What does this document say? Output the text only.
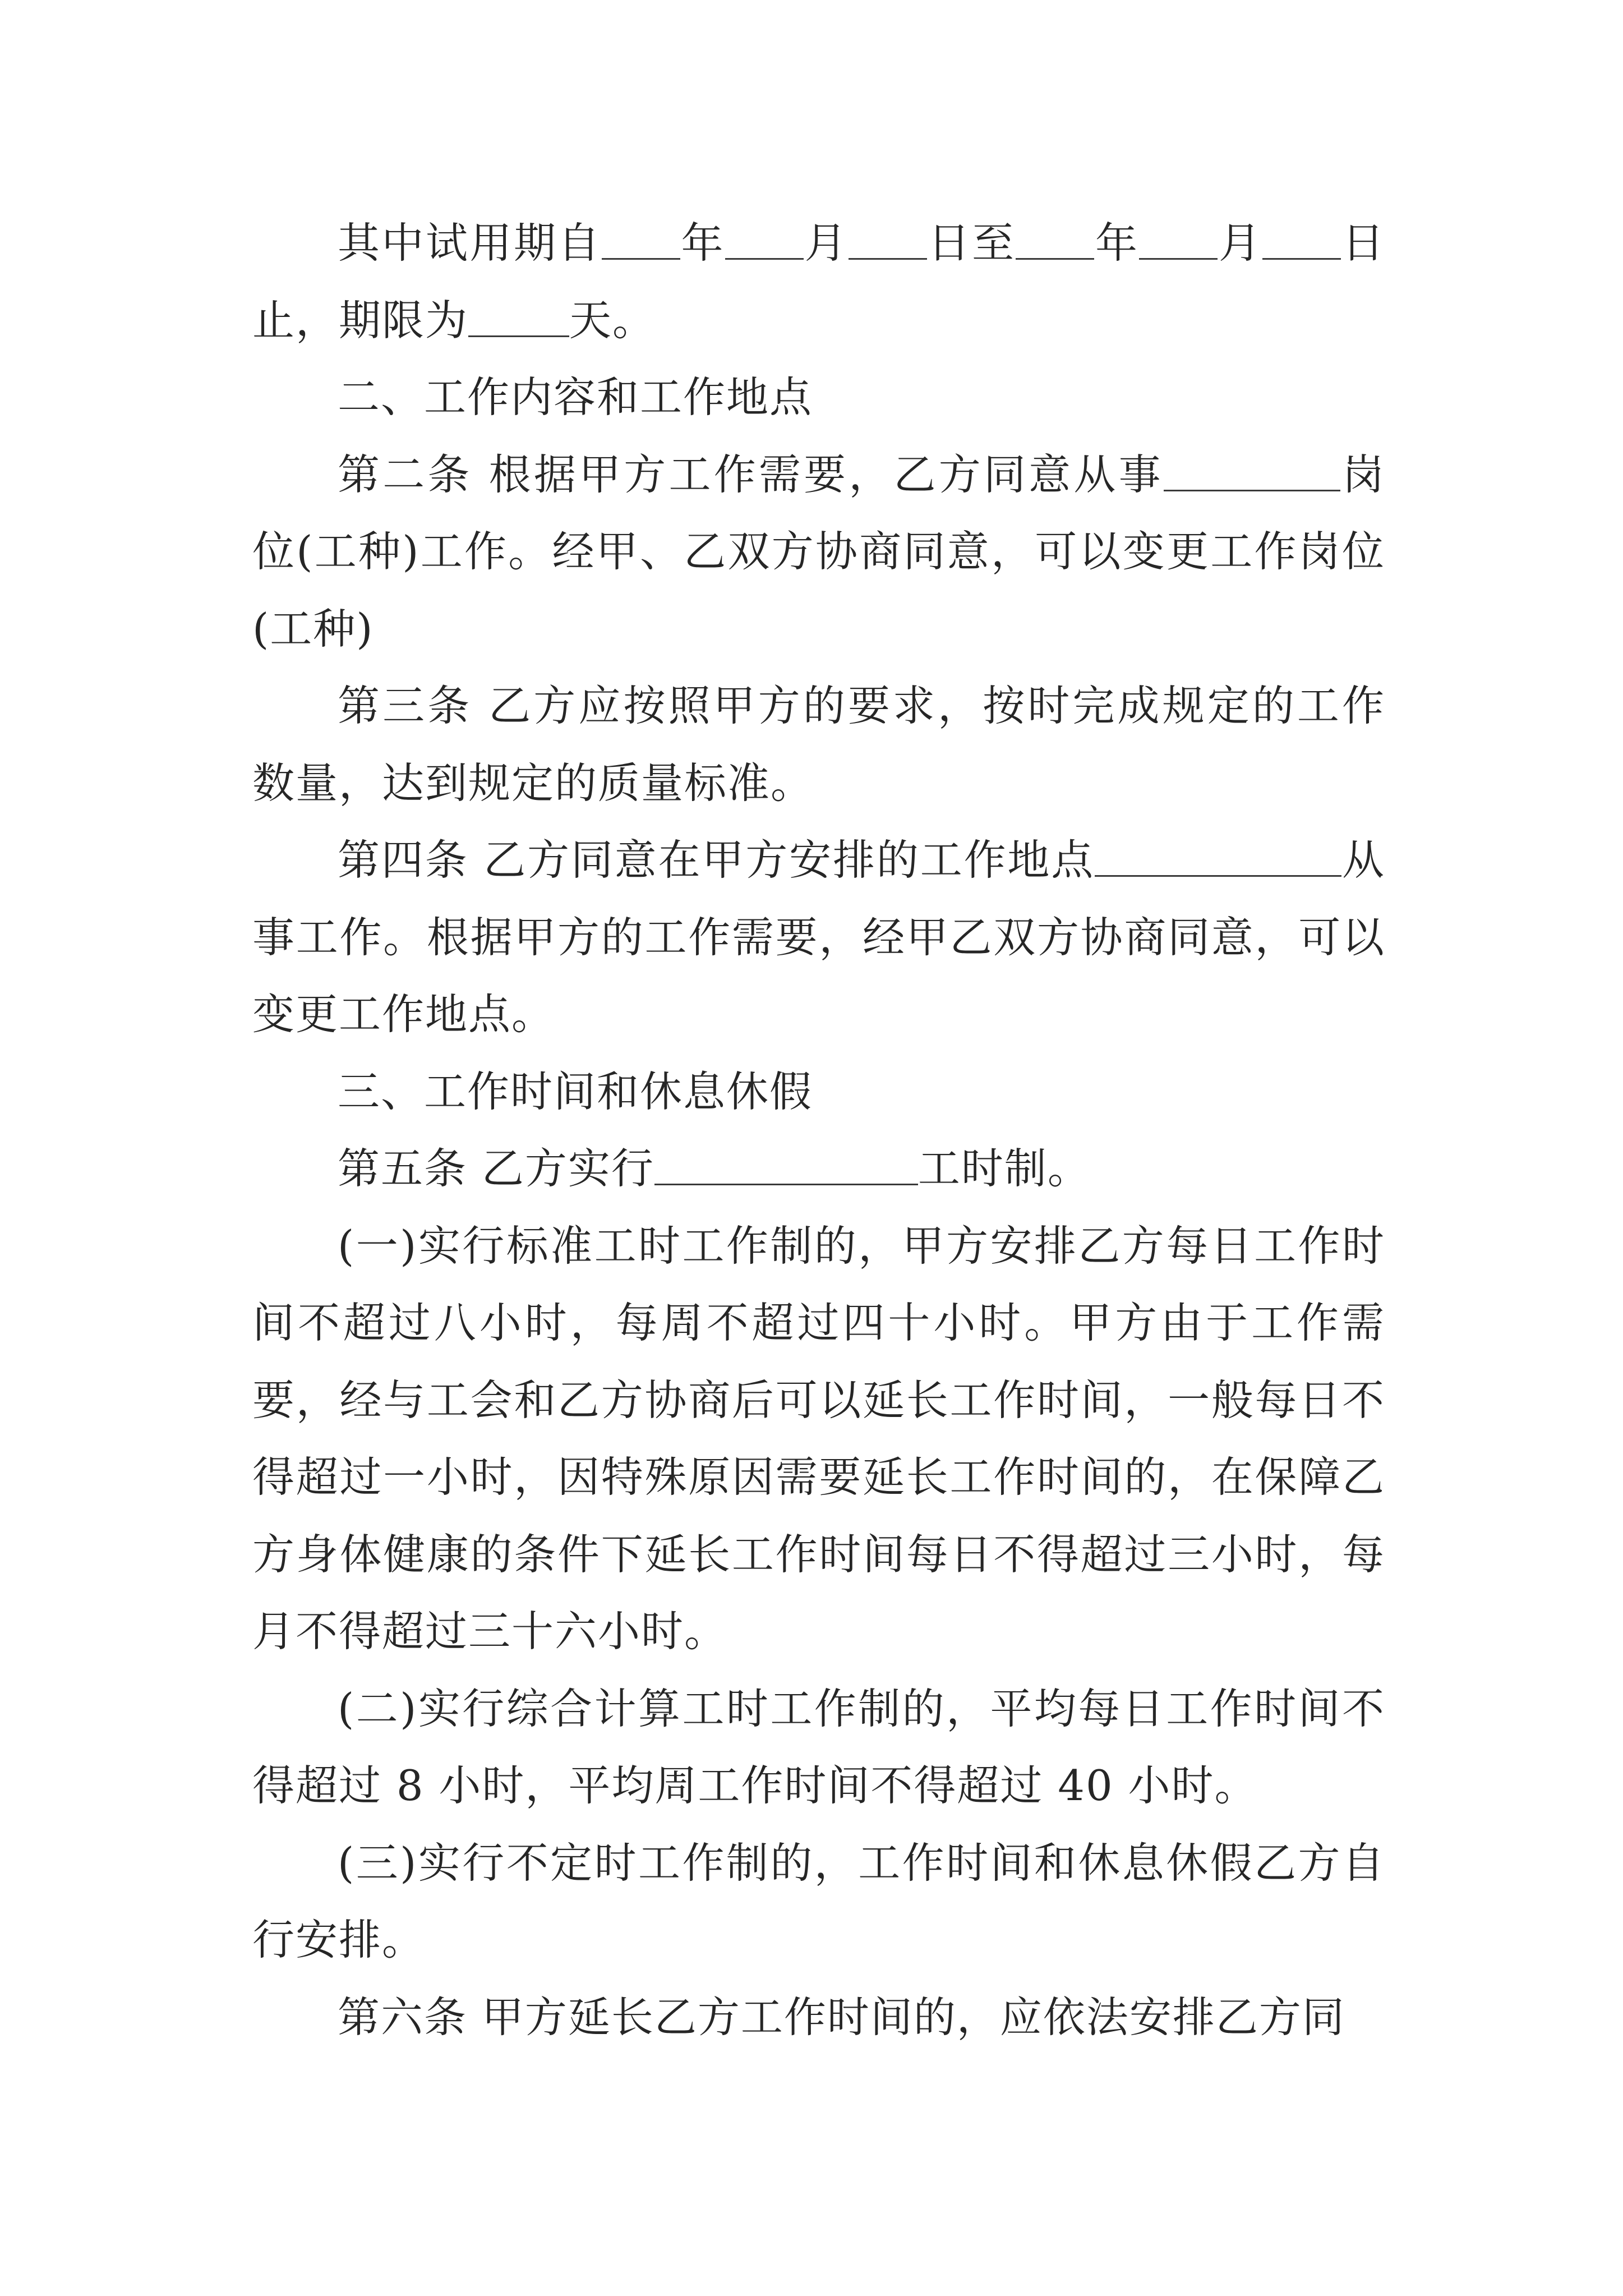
其中试用期自 年 月 日至 年 月 日止，期限为 天。

二、工作内容和工作地点

第二条 根据甲方工作需要，乙方同意从事	岗位(工种)工作。经甲、乙双方协商同意，可以变更工作岗位(工种)

第三条 乙方应按照甲方的要求，按时完成规定的工作数量，达到规定的质量标准。

第四条 乙方同意在甲方安排的工作地点	从事工作。根据甲方的工作需要，经甲乙双方协商同意，可以变更工作地点。

三、工作时间和休息休假

第五条 乙方实行	工时制。

(一)实行标准工时工作制的，甲方安排乙方每日工作时间不超过八小时，每周不超过四十小时。甲方由于工作需要，经与工会和乙方协商后可以延长工作时间，一般每日不得超过一小时，因特殊原因需要延长工作时间的，在保障乙方身体健康的条件下延长工作时间每日不得超过三小时，每月不得超过三十六小时。

(二)实行综合计算工时工作制的，平均每日工作时间不得超过 8 小时，平均周工作时间不得超过 40 小时。

(三)实行不定时工作制的，工作时间和休息休假乙方自行安排。

第六条 甲方延长乙方工作时间的，应依法安排乙方同
